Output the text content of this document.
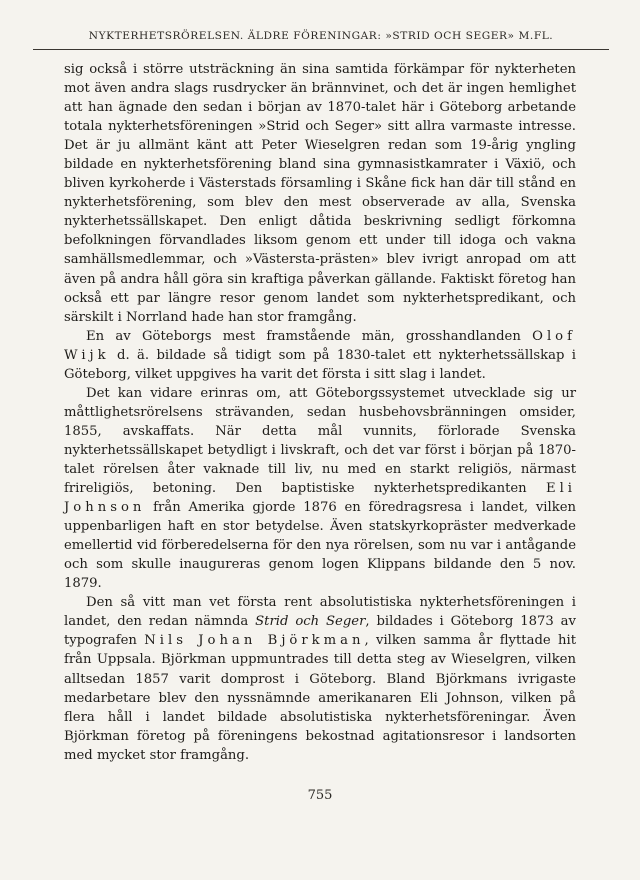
NYKTERHETSRÖRELSEN. ÄLDRE FÖRENINGAR: »STRID OCH SEGER» M.FL.

sig också i större utsträckning än sina samtida förkämpar för nykterheten mot även andra slags rusdrycker än brännvinet, och det är ingen hemlighet att han ägnade den sedan i början av 1870-talet här i Göteborg arbetande totala nykterhetsföreningen »Strid och Seger» sitt allra varmaste intresse. Det är ju allmänt känt att Peter Wieselgren redan som 19-årig yngling bildade en nykterhetsförening bland sina gymnasistkamrater i Växiö, och bliven kyrkoherde i Västerstads församling i Skåne fick han där till stånd en nykterhetsförening, som blev den mest observerade av alla, Svenska nykterhetssällskapet. Den enligt dåtida beskrivning sedligt förkomna befolkningen förvandlades liksom genom ett under till idoga och vakna samhällsmedlemmar, och »Västersta-prästen» blev ivrigt anropad om att även på andra håll göra sin kraftiga påverkan gällande. Faktiskt företog han också ett par längre resor genom landet som nykterhetspredikant, och särskilt i Norrland hade han stor framgång.

En av Göteborgs mest framstående män, grosshandlanden Olof Wijk d. ä. bildade så tidigt som på 1830-talet ett nykterhetssällskap i Göteborg, vilket uppgives ha varit det första i sitt slag i landet.

Det kan vidare erinras om, att Göteborgssystemet utvecklade sig ur måttlighetsrörelsens strävanden, sedan husbehovsbränningen omsider, 1855, avskaffats. När detta mål vunnits, förlorade Svenska nykterhetssällskapet betydligt i livskraft, och det var först i början på 1870-talet rörelsen åter vaknade till liv, nu med en starkt religiös, närmast frireligiös, betoning. Den baptistiske nykterhetspredikanten Eli Johnson från Amerika gjorde 1876 en föredragsresa i landet, vilken uppenbarligen haft en stor betydelse. Även statskyrkopräster medverkade emellertid vid förberedelserna för den nya rörelsen, som nu var i antågande och som skulle inaugureras genom logen Klippans bildande den 5 nov. 1879.

Den så vitt man vet första rent absolutistiska nykterhetsföreningen i landet, den redan nämnda Strid och Seger, bildades i Göteborg 1873 av typografen Nils Johan Björkman, vilken samma år flyttade hit från Uppsala. Björkman uppmuntrades till detta steg av Wieselgren, vilken alltsedan 1857 varit domprost i Göteborg. Bland Björkmans ivrigaste medarbetare blev den nyssnämnde amerikanaren Eli Johnson, vilken på flera håll i landet bildade absolutistiska nykterhetsföreningar. Även Björkman företog på föreningens bekostnad agitationsresor i landsorten med mycket stor framgång.

755
